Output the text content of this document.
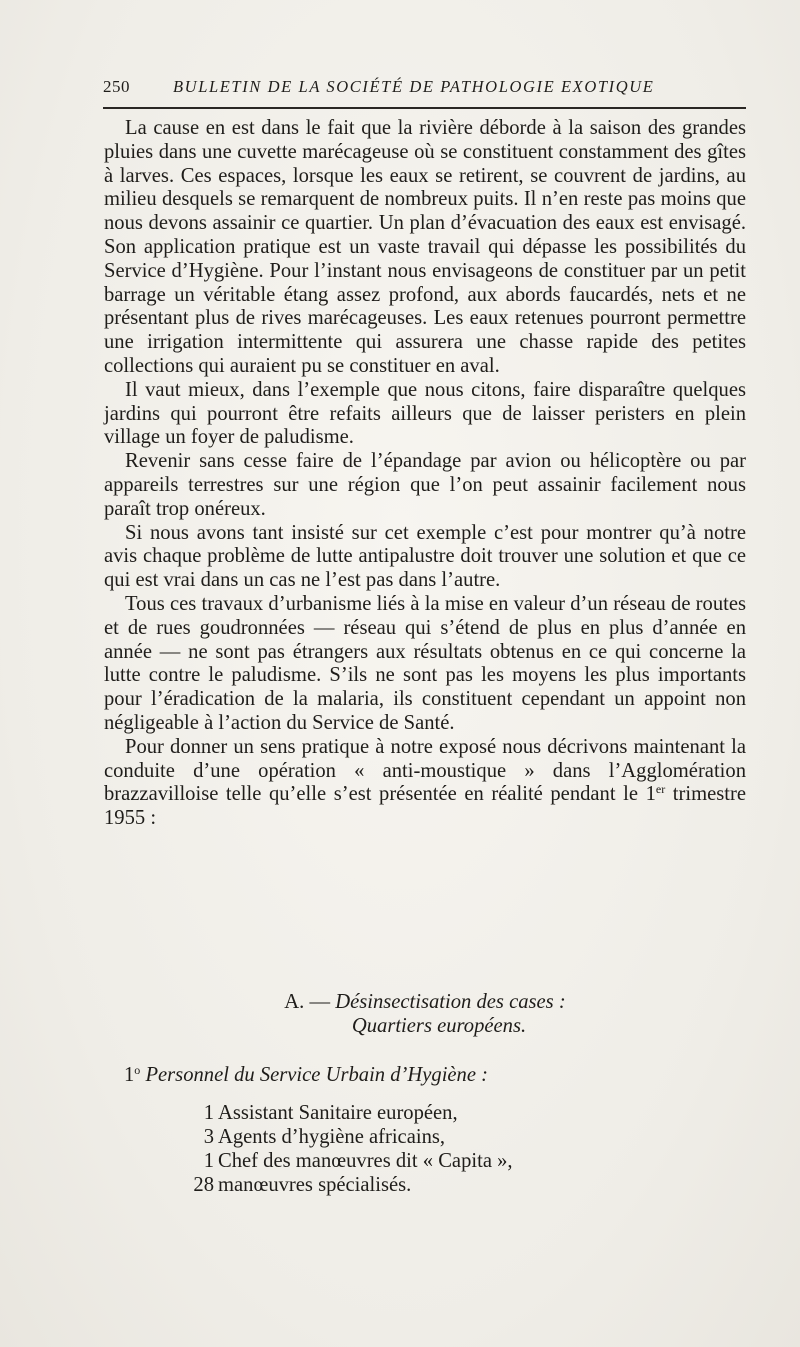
250	BULLETIN DE LA SOCIÉTÉ DE PATHOLOGIE EXOTIQUE

La cause en est dans le fait que la rivière déborde à la saison des grandes pluies dans une cuvette marécageuse où se constituent constamment des gîtes à larves. Ces espaces, lorsque les eaux se retirent, se couvrent de jardins, au milieu desquels se remarquent de nombreux puits. Il n’en reste pas moins que nous devons assainir ce quartier. Un plan d’évacuation des eaux est envisagé. Son application pratique est un vaste travail qui dépasse les possibilités du Service d’Hygiène. Pour l’instant nous envisageons de constituer par un petit barrage un véritable étang assez profond, aux abords faucardés, nets et ne présentant plus de rives marécageuses. Les eaux retenues pourront permettre une irrigation intermittente qui assurera une chasse rapide des petites collections qui auraient pu se constituer en aval.

Il vaut mieux, dans l’exemple que nous citons, faire disparaître quelques jardins qui pourront être refaits ailleurs que de laisser peristers en plein village un foyer de paludisme.

Revenir sans cesse faire de l’épandage par avion ou hélicoptère ou par appareils terrestres sur une région que l’on peut assainir facilement nous paraît trop onéreux.

Si nous avons tant insisté sur cet exemple c’est pour montrer qu’à notre avis chaque problème de lutte antipalustre doit trouver une solution et que ce qui est vrai dans un cas ne l’est pas dans l’autre.

Tous ces travaux d’urbanisme liés à la mise en valeur d’un réseau de routes et de rues goudronnées — réseau qui s’étend de plus en plus d’année en année — ne sont pas étrangers aux résultats obtenus en ce qui concerne la lutte contre le paludisme. S’ils ne sont pas les moyens les plus importants pour l’éradication de la malaria, ils constituent cependant un appoint non négligeable à l’action du Service de Santé.

Pour donner un sens pratique à notre exposé nous décrivons maintenant la conduite d’une opération « anti-moustique » dans l’Agglomération brazzavilloise telle qu’elle s’est présentée en réalité pendant le 1er trimestre 1955 :

A. — Désinsectisation des cases :
Quartiers européens.
1$^o$ Personnel du Service Urbain d’Hygiène :
1 Assistant Sanitaire européen,
3 Agents d’hygiène africains,
1 Chef des manœuvres dit « Capita »,
28 manœuvres spécialisés.
